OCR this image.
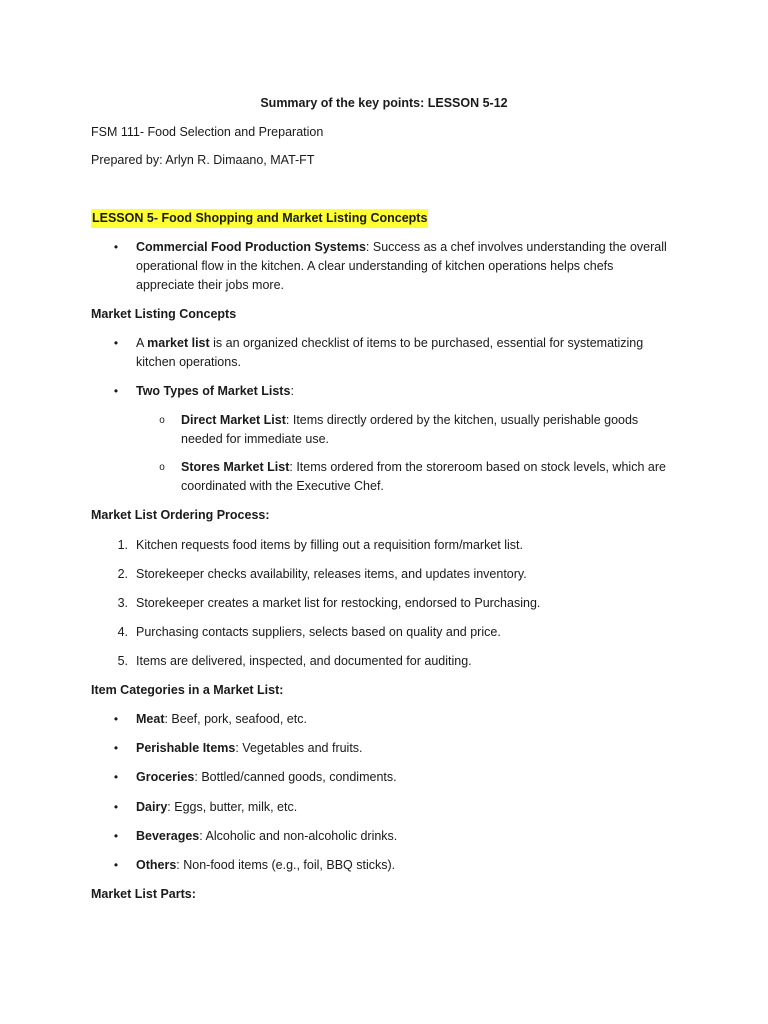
Summary of the key points: LESSON 5-12
FSM 111- Food Selection and Preparation
Prepared by: Arlyn R. Dimaano, MAT-FT
LESSON 5- Food Shopping and Market Listing Concepts
• Commercial Food Production Systems: Success as a chef involves understanding the overall
operational flow in the kitchen. A clear understanding of kitchen operations helps chefs
appreciate their jobs more.
Market Listing Concepts
• A market list is an organized checklist of items to be purchased, essential for systematizing
kitchen operations.
• Two Types of Market Lists:
o Direct Market List: Items directly ordered by the kitchen, usually perishable goods
needed for immediate use.
o Stores Market List: Items ordered from the storeroom based on stock levels, which are
coordinated with the Executive Chef.
Market List Ordering Process:
1. Kitchen requests food items by filling out a requisition form/market list.
2. Storekeeper checks availability, releases items, and updates inventory.
3. Storekeeper creates a market list for restocking, endorsed to Purchasing.
4. Purchasing contacts suppliers, selects based on quality and price.
5. Items are delivered, inspected, and documented for auditing.
Item Categories in a Market List:
• Meat: Beef, pork, seafood, etc.
• Perishable Items: Vegetables and fruits.
• Groceries: Bottled/canned goods, condiments.
• Dairy: Eggs, butter, milk, etc.
• Beverages: Alcoholic and non-alcoholic drinks.
• Others: Non-food items (e.g., foil, BBQ sticks).
Market List Parts:
